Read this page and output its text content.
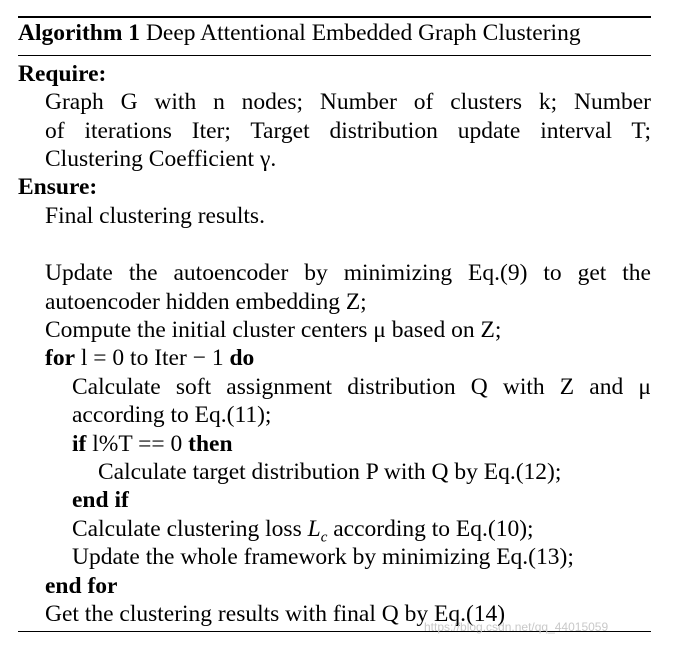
Algorithm 1 Deep Attentional Embedded Graph Clustering
Require:
Graph G with n nodes; Number of clusters k; Number
of iterations Iter; Target distribution update interval T;
Clustering Coefficient γ.
Ensure:
Final clustering results.
Update the autoencoder by minimizing Eq.(9) to get the
autoencoder hidden embedding Z;
Compute the initial cluster centers μ based on Z;
for l = 0 to Iter − 1 do
Calculate soft assignment distribution Q with Z and μ
according to Eq.(11);
if l%T == 0 then
Calculate target distribution P with Q by Eq.(12);
end if
Calculate clustering loss $L_c$ according to Eq.(10);
Update the whole framework by minimizing Eq.(13);
end for
Get the clustering results with final Q by Eq.(14)
https://blog.csdn.net/qq_44015059
